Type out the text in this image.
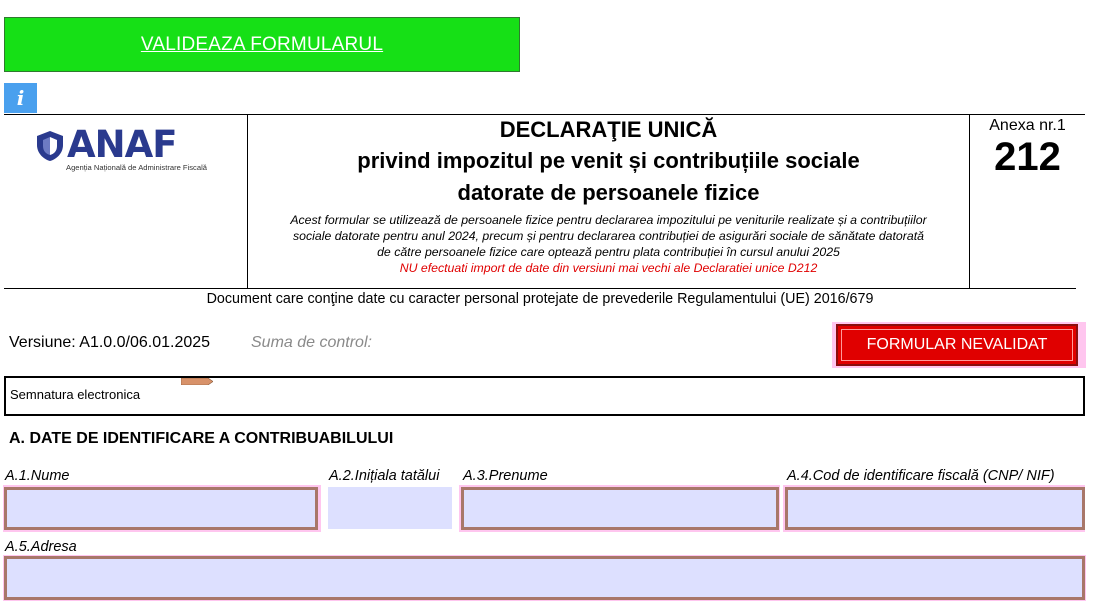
VALIDEAZA FORMULARUL
i
ANAF
Agenția Națională de Administrare Fiscală
DECLARAŢIE UNICĂ
privind impozitul pe venit și contribuțiile sociale
datorate de persoanele fizice
Acest formular se utilizează de persoanele fizice pentru declararea impozitului pe veniturile realizate și a contribuțiilor
sociale datorate pentru anul 2024, precum și pentru declararea contribuției de asigurări sociale de sănătate datorată
de către persoanele fizice care optează pentru plata contribuției în cursul anului 2025
NU efectuati import de date din versiuni mai vechi ale Declaratiei unice D212
Anexa nr.1
212
Document care conţine date cu caracter personal protejate de prevederile Regulamentului (UE) 2016/679
Versiune: A1.0.0/06.01.2025	Suma de control:	FORMULAR NEVALIDAT
Semnatura electronica
A. DATE DE IDENTIFICARE A CONTRIBUABILULUI
A.1.Nume	A.2.Inițiala tatălui A.3.Prenume	A.4.Cod de identificare fiscală (CNP/ NIF)
A.5.Adresa
